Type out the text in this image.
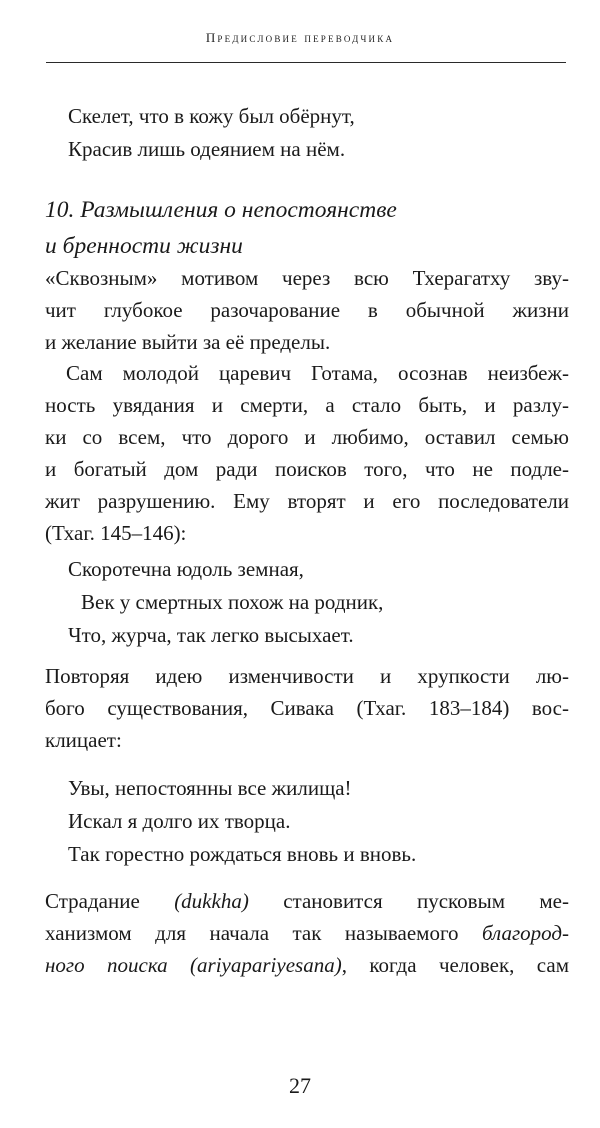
Предисловие переводчика
Скелет, что в кожу был обёрнут,
Красив лишь одеянием на нём.
10. Размышления о непостоянстве
и бренности жизни
«Сквозным» мотивом через всю Тхерагатху зву-
чит глубокое разочарование в обычной жизни
и желание выйти за её пределы.
Сам молодой царевич Готама, осознав неизбеж-
ность увядания и смерти, а стало быть, и разлу-
ки со всем, что дорого и любимо, оставил семью
и богатый дом ради поисков того, что не подле-
жит разрушению. Ему вторят и его последователи
(Тхаг. 145–146):
Скоротечна юдоль земная,
Век у смертных похож на родник,
Что, журча, так легко высыхает.
Повторяя идею изменчивости и хрупкости лю-
бого существования, Сивака (Тхаг. 183–184) вос-
клицает:
Увы, непостоянны все жилища!
Искал я долго их творца.
Так горестно рождаться вновь и вновь.
Страдание (dukkha) становится пусковым ме-
ханизмом для начала так называемого благород-
ного поиска (ariyapariyesana), когда человек, сам
27
